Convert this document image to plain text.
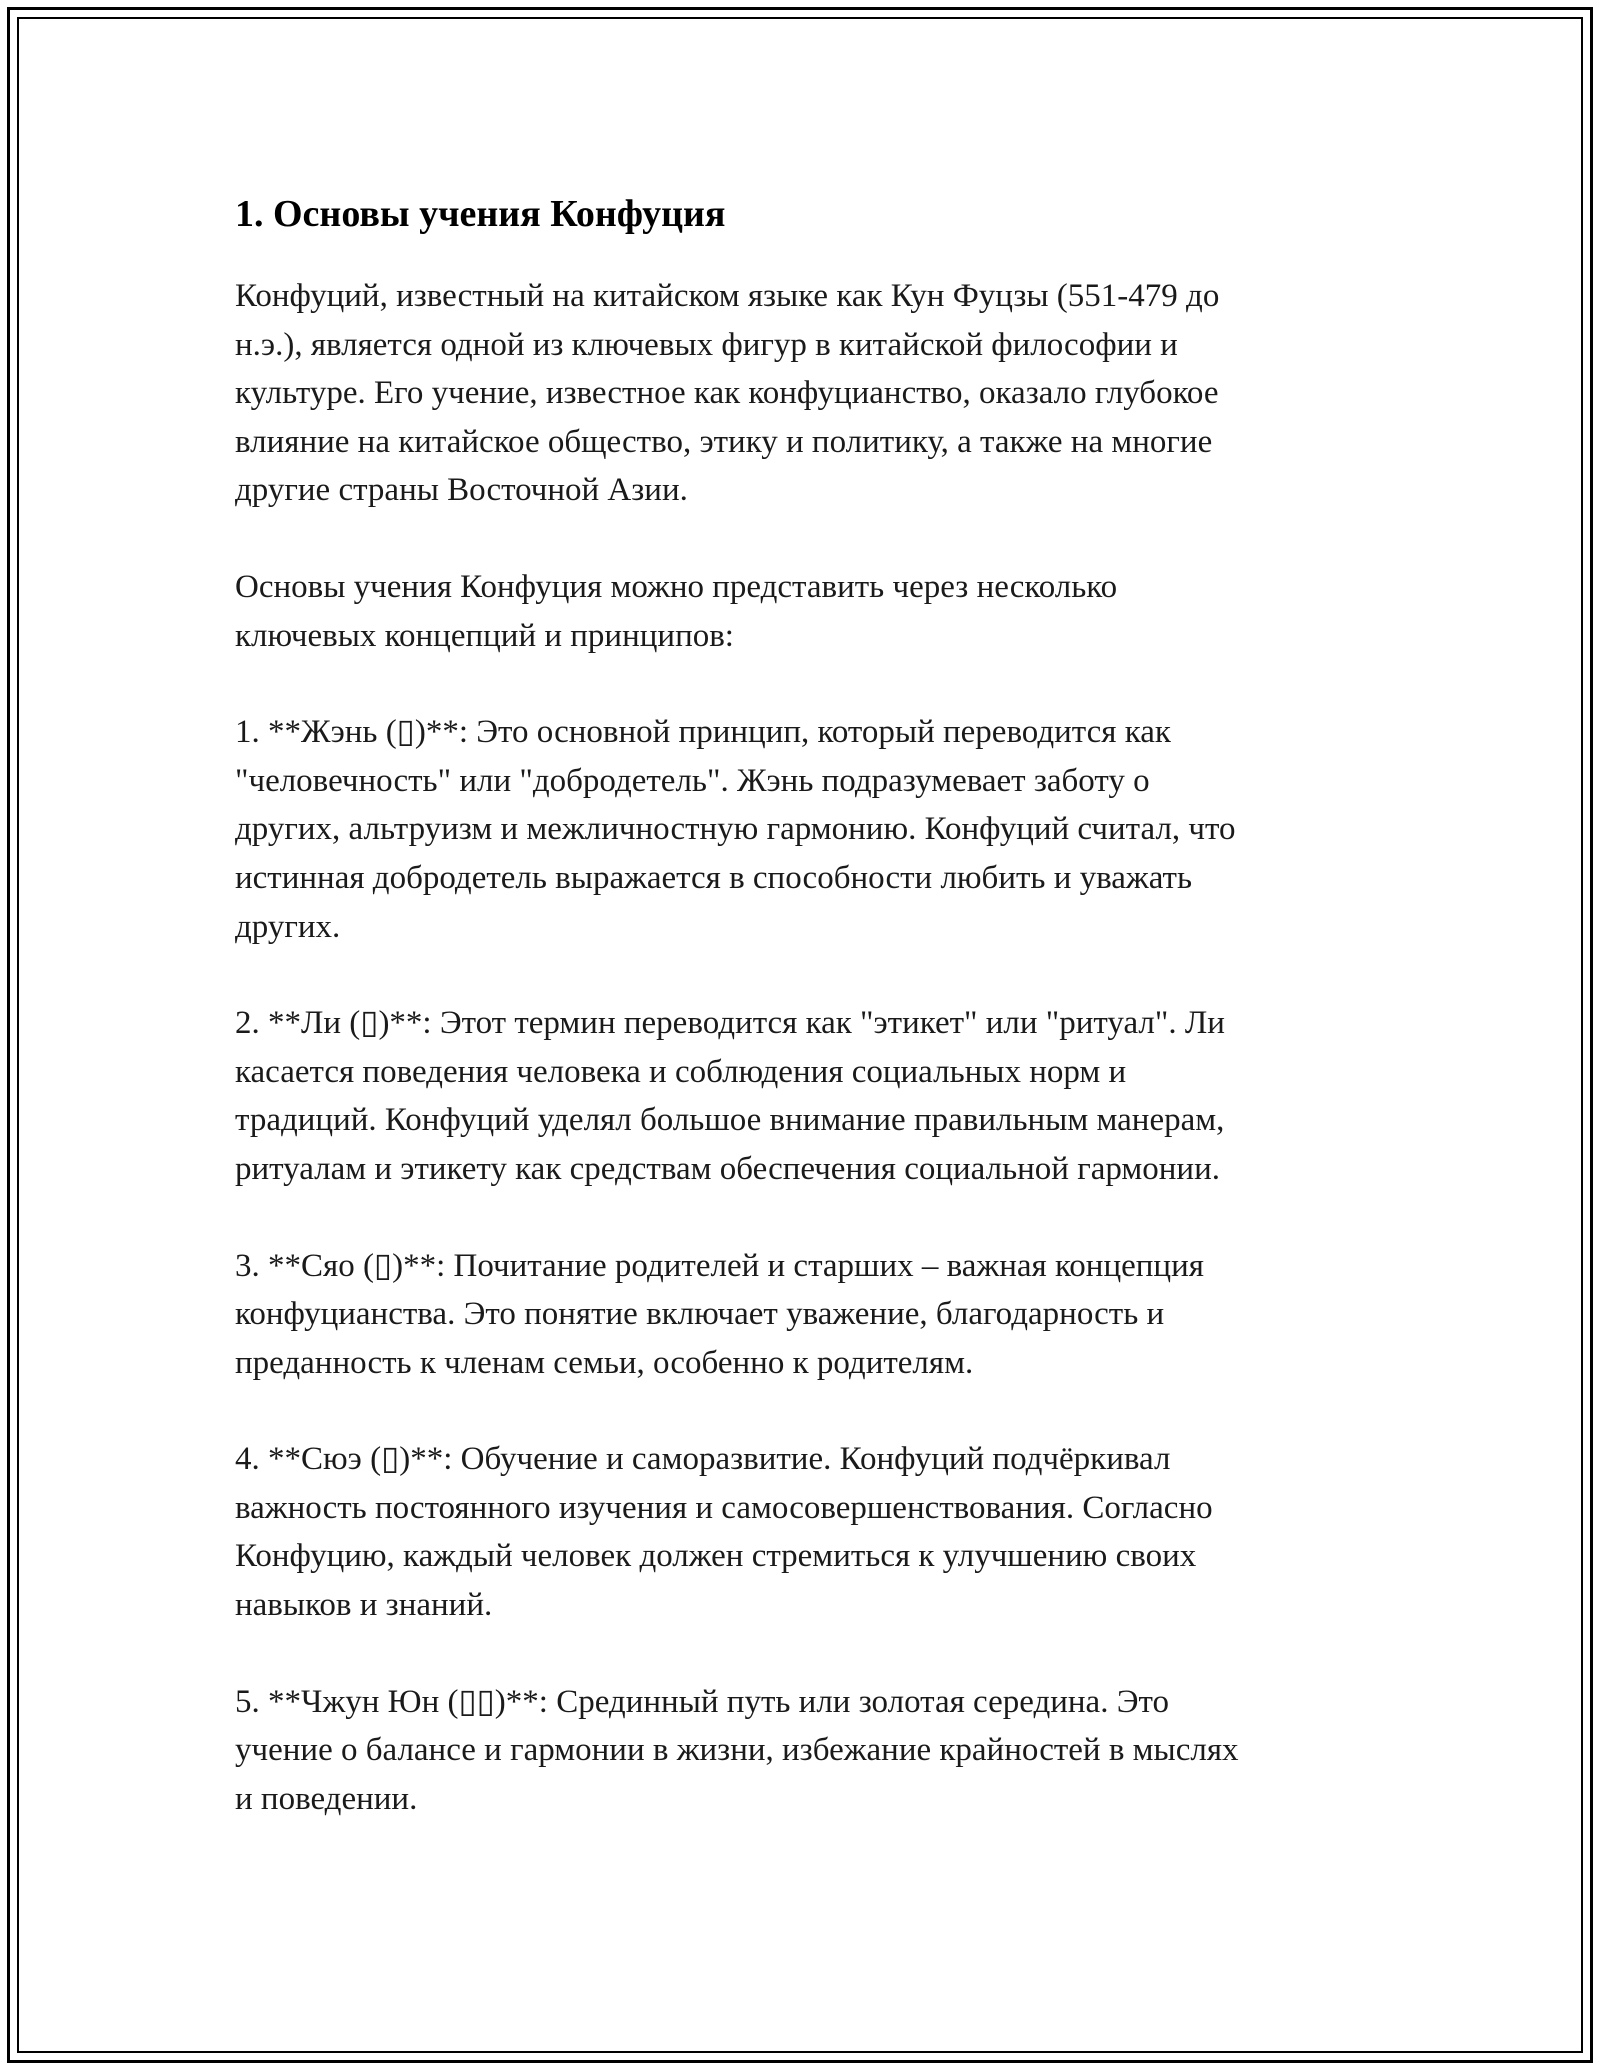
1. Основы учения Конфуция

Конфуций, известный на китайском языке как Кун Фуцзы (551-479 до
н.э.), является одной из ключевых фигур в китайской философии и
культуре. Его учение, известное как конфуцианство, оказало глубокое
влияние на китайское общество, этику и политику, а также на многие
другие страны Восточной Азии.

Основы учения Конфуция можно представить через несколько
ключевых концепций и принципов:

1. **Жэнь (▯)**: Это основной принцип, который переводится как
"человечность" или "добродетель". Жэнь подразумевает заботу о
других, альтруизм и межличностную гармонию. Конфуций считал, что
истинная добродетель выражается в способности любить и уважать
других.

2. **Ли (▯)**: Этот термин переводится как "этикет" или "ритуал". Ли
касается поведения человека и соблюдения социальных норм и
традиций. Конфуций уделял большое внимание правильным манерам,
ритуалам и этикету как средствам обеспечения социальной гармонии.

3. **Сяо (▯)**: Почитание родителей и старших – важная концепция
конфуцианства. Это понятие включает уважение, благодарность и
преданность к членам семьи, особенно к родителям.

4. **Сюэ (▯)**: Обучение и саморазвитие. Конфуций подчёркивал
важность постоянного изучения и самосовершенствования. Согласно
Конфуцию, каждый человек должен стремиться к улучшению своих
навыков и знаний.

5. **Чжун Юн (▯▯)**: Срединный путь или золотая середина. Это
учение о балансе и гармонии в жизни, избежание крайностей в мыслях
и поведении.
